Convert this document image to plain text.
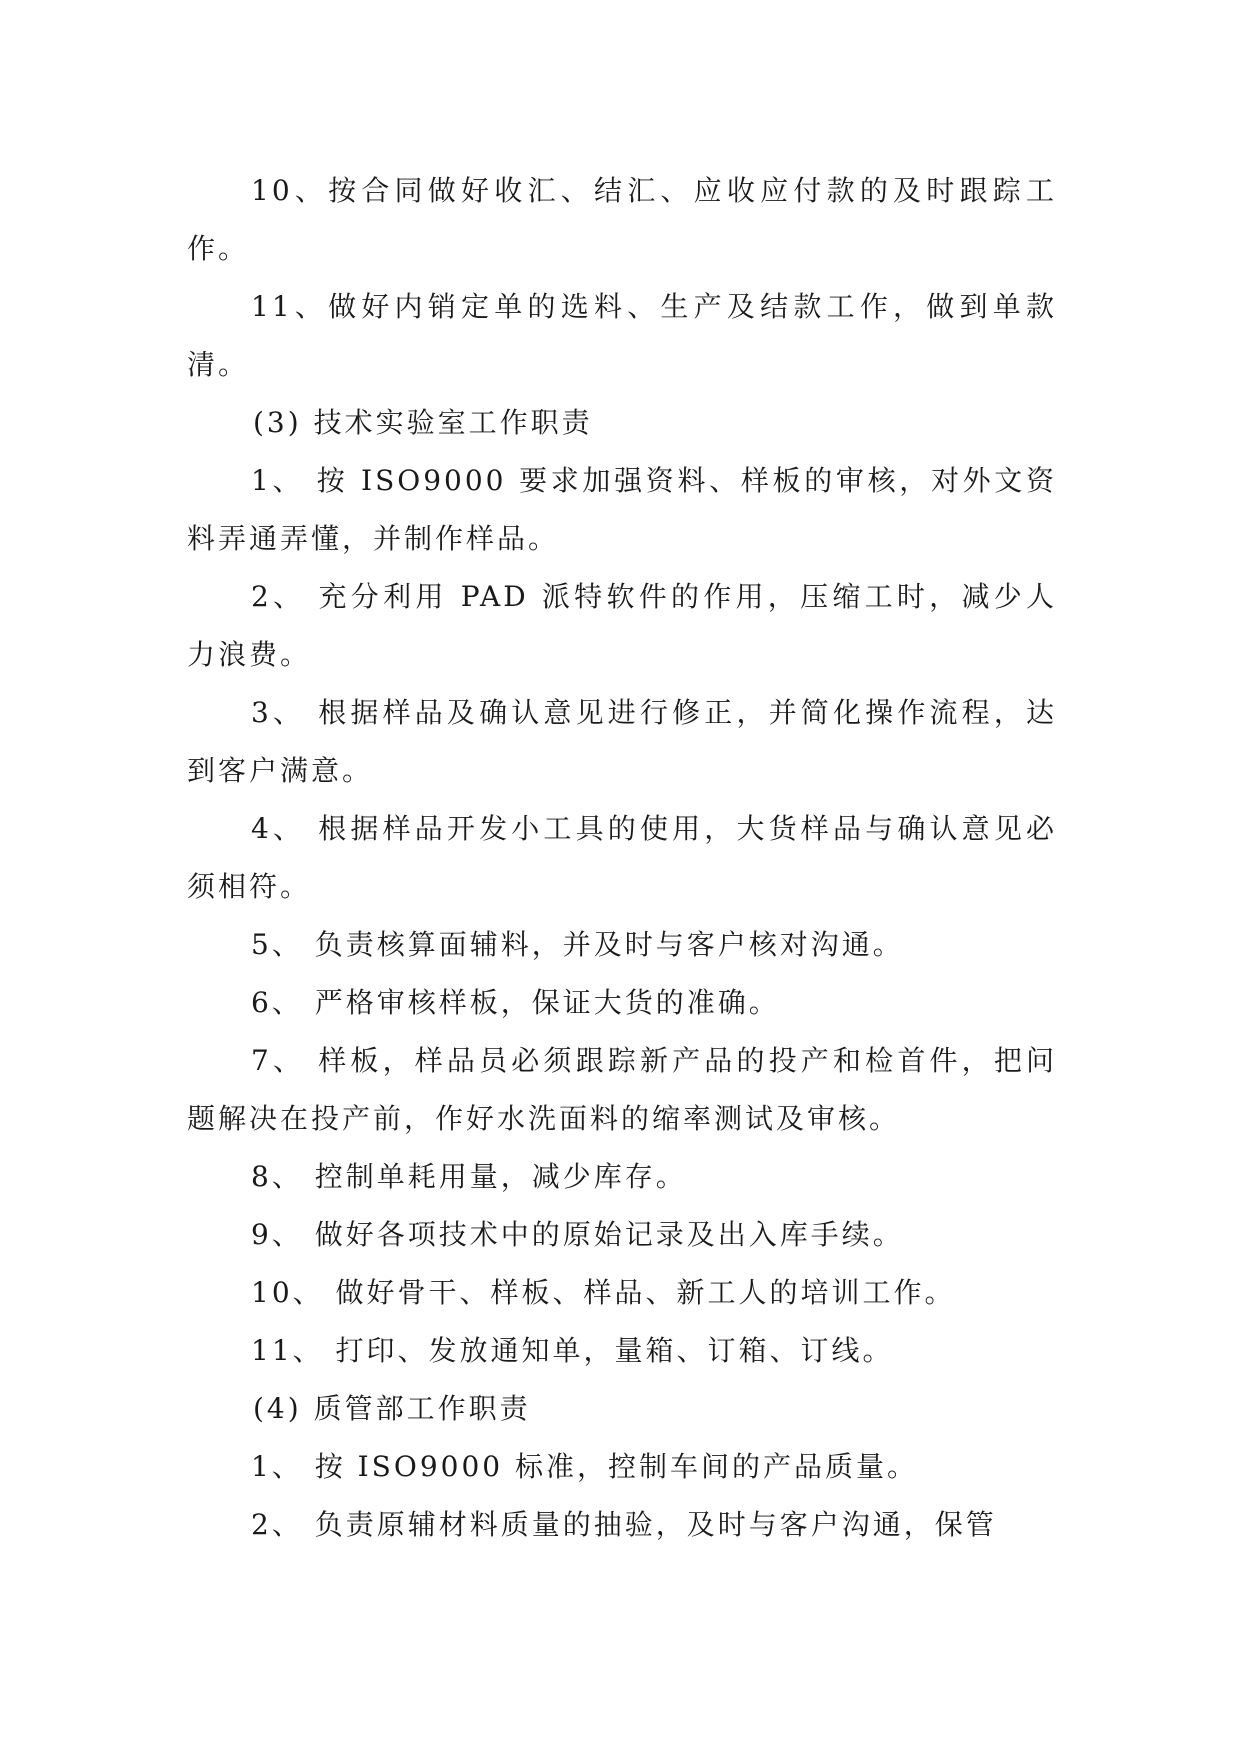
10、按合同做好收汇、结汇、应收应付款的及时跟踪工作。

11、做好内销定单的选料、生产及结款工作，做到单款清。

(3) 技术实验室工作职责

1、 按 ISO9000 要求加强资料、样板的审核，对外文资料弄通弄懂，并制作样品。

2、 充分利用 PAD 派特软件的作用，压缩工时，减少人力浪费。

3、 根据样品及确认意见进行修正，并简化操作流程，达到客户满意。

4、 根据样品开发小工具的使用，大货样品与确认意见必须相符。

5、 负责核算面辅料，并及时与客户核对沟通。

6、 严格审核样板，保证大货的准确。

7、 样板，样品员必须跟踪新产品的投产和检首件，把问题解决在投产前，作好水洗面料的缩率测试及审核。

8、 控制单耗用量，减少库存。

9、 做好各项技术中的原始记录及出入库手续。

10、 做好骨干、样板、样品、新工人的培训工作。

11、 打印、发放通知单，量箱、订箱、订线。

(4) 质管部工作职责

1、 按 ISO9000 标准，控制车间的产品质量。

2、 负责原辅材料质量的抽验，及时与客户沟通，保管
